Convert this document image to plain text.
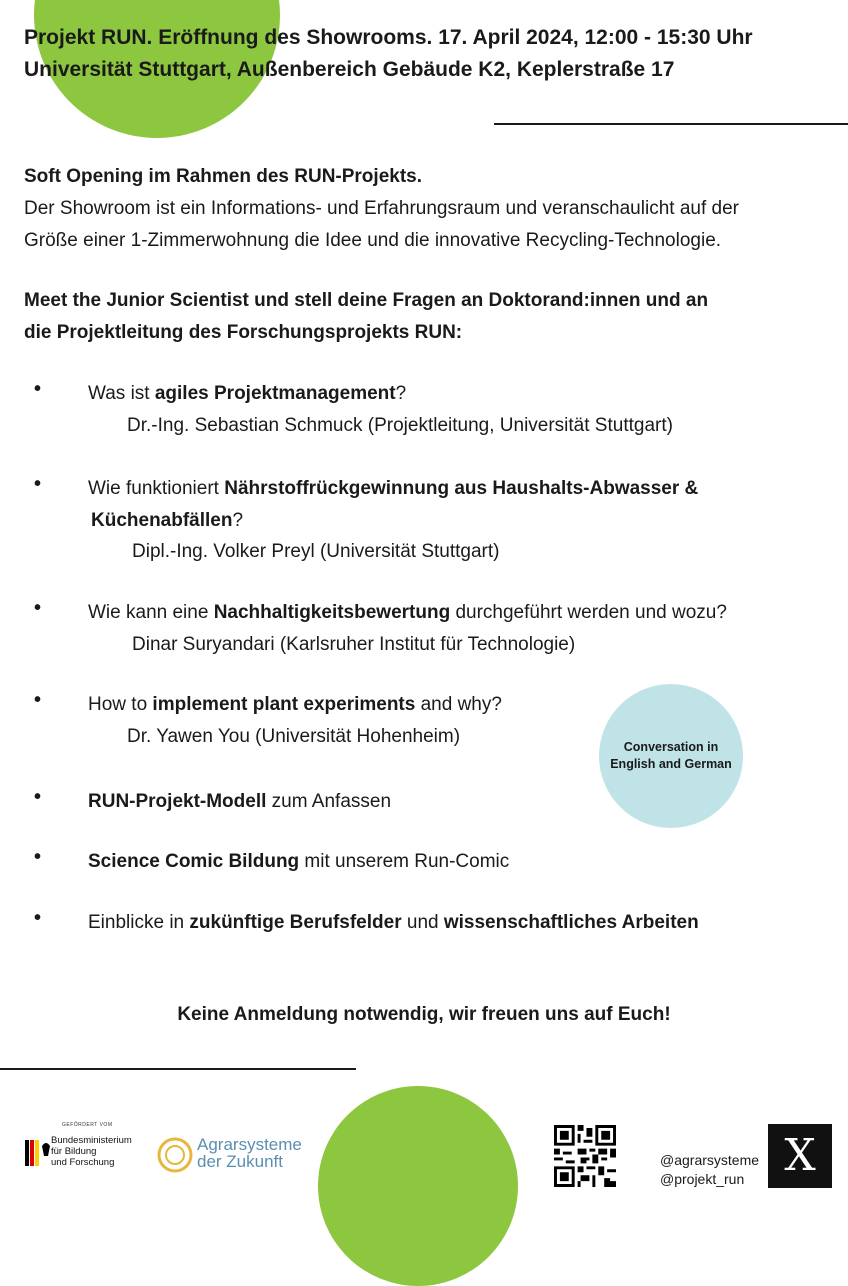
Projekt RUN. Eröffnung des Showrooms. 17. April 2024, 12:00 - 15:30 Uhr
Universität Stuttgart, Außenbereich Gebäude K2, Keplerstraße 17
Soft Opening im Rahmen des RUN-Projekts.
Der Showroom ist ein Informations- und Erfahrungsraum und veranschaulicht auf der
Größe einer 1-Zimmerwohnung die Idee und die innovative Recycling-Technologie.
Meet the Junior Scientist und stell deine Fragen an Doktorand:innen und an
die Projektleitung des Forschungsprojekts RUN:
• Was ist agiles Projektmanagement?
Dr.-Ing. Sebastian Schmuck (Projektleitung, Universität Stuttgart)
• Wie funktioniert Nährstoffrückgewinnung aus Haushalts-Abwasser &
Küchenabfällen?
Dipl.-Ing. Volker Preyl (Universität Stuttgart)
• Wie kann eine Nachhaltigkeitsbewertung durchgeführt werden und wozu?
Dinar Suryandari (Karlsruher Institut für Technologie)
• How to implement plant experiments and why?
Dr. Yawen You (Universität Hohenheim)
• RUN-Projekt-Modell zum Anfassen
• Science Comic Bildung mit unserem Run-Comic
• Einblicke in zukünftige Berufsfelder und wissenschaftliches Arbeiten
Conversation in
English and German
Keine Anmeldung notwendig, wir freuen uns auf Euch!
GEFÖRDERT VOM
Bundesministerium
für Bildung
und Forschung
Agrarsysteme
der Zukunft	@agrarsysteme
@projekt_run X
